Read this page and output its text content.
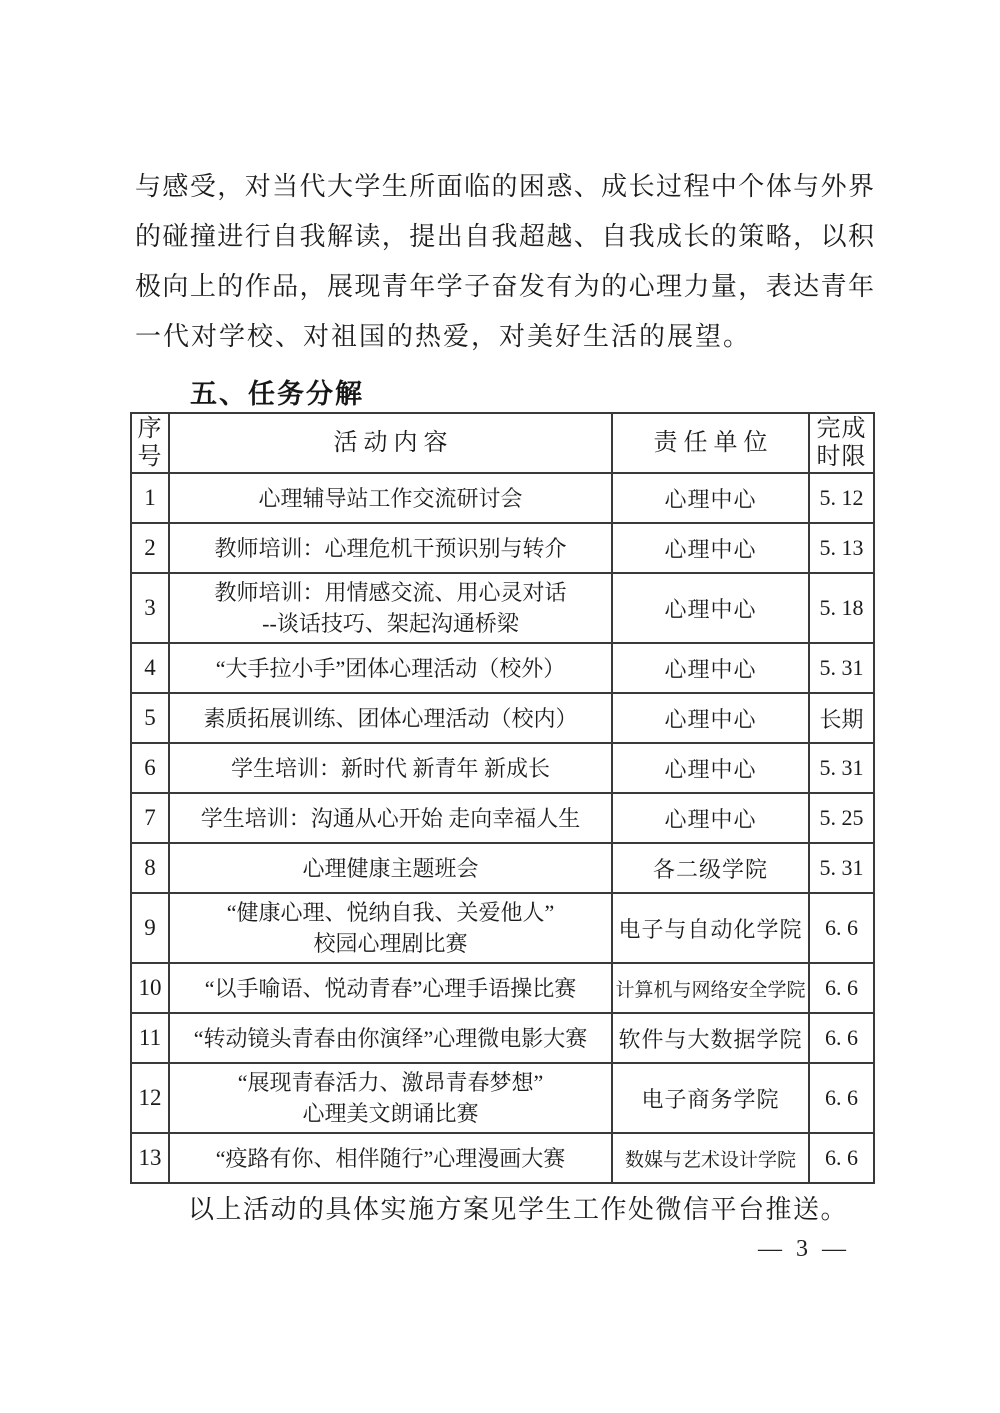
与感受，对当代大学生所面临的困惑、成长过程中个体与外界
的碰撞进行自我解读，提出自我超越、自我成长的策略，以积
极向上的作品，展现青年学子奋发有为的心理力量，表达青年
一代对学校、对祖国的热爱，对美好生活的展望。
五、任务分解
序号	活动内容	责任单位	完成时限
1	心理辅导站工作交流研讨会	心理中心	5. 12
2	教师培训：心理危机干预识别与转介	心理中心	5. 13
3	教师培训：用情感交流、用心灵对话
--谈话技巧、架起沟通桥梁	心理中心	5. 18
4	“大手拉小手”团体心理活动（校外）	心理中心	5. 31
5	素质拓展训练、团体心理活动（校内）	心理中心	长期
6	学生培训：新时代 新青年 新成长	心理中心	5. 31
7	学生培训：沟通从心开始 走向幸福人生	心理中心	5. 25
8	心理健康主题班会	各二级学院	5. 31
9	“健康心理、悦纳自我、关爱他人”
校园心理剧比赛	电子与自动化学院	6. 6
10	“以手喻语、悦动青春”心理手语操比赛	计算机与网络安全学院	6. 6
11	“转动镜头青春由你演绎”心理微电影大赛	软件与大数据学院	6. 6
12	“展现青春活力、激昂青春梦想”
心理美文朗诵比赛	电子商务学院	6. 6
13	“疫路有你、相伴随行”心理漫画大赛	数媒与艺术设计学院	6. 6
以上活动的具体实施方案见学生工作处微信平台推送。
— 3 —
